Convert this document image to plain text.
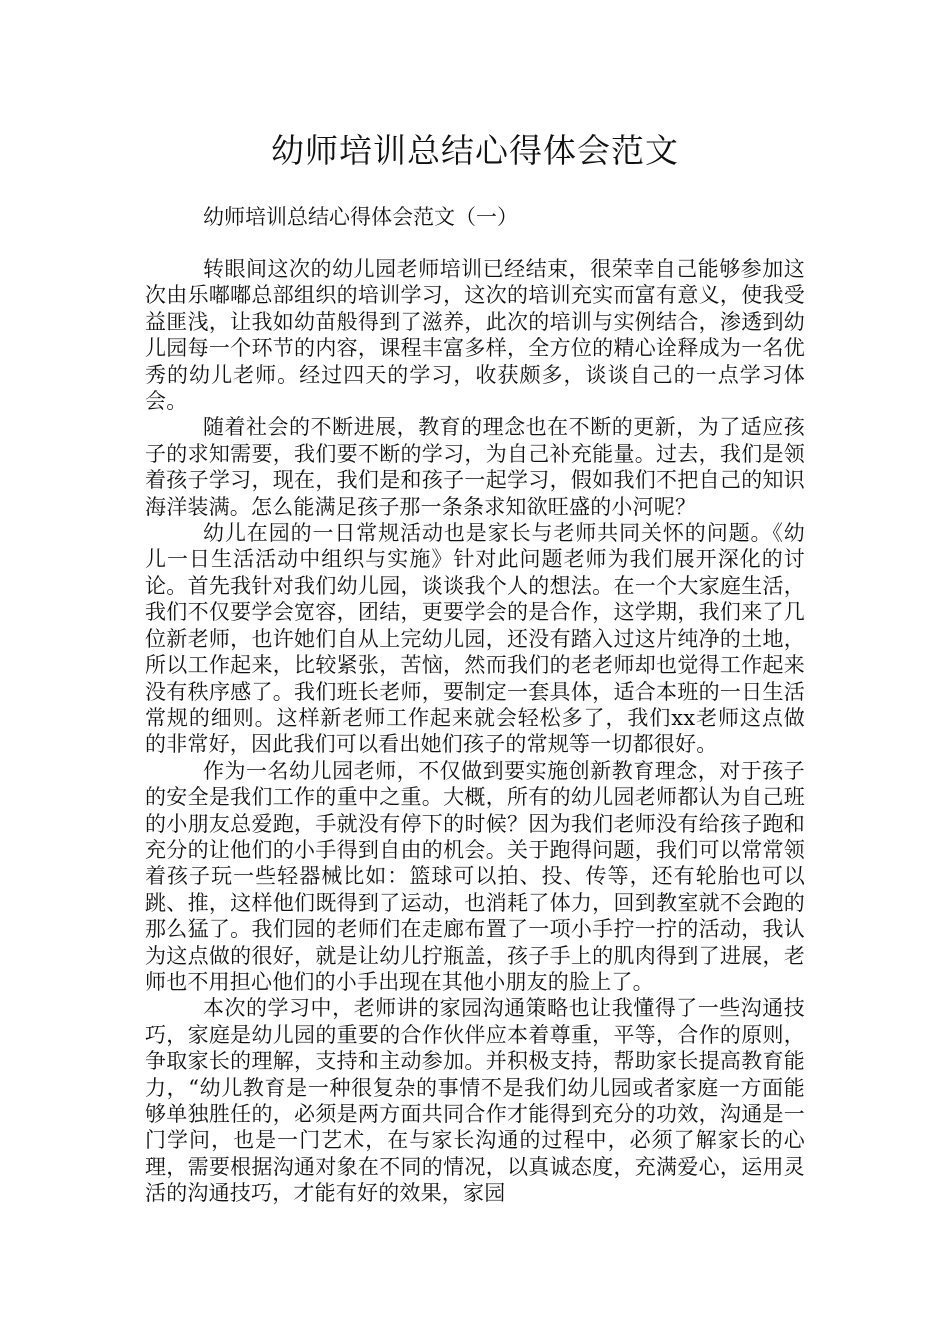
幼师培训总结心得体会范文
幼师培训总结心得体会范文（一）

转眼间这次的幼儿园老师培训已经结束，很荣幸自己能够参加这次由乐嘟嘟总部组织的培训学习，这次的培训充实而富有意义，使我受益匪浅，让我如幼苗般得到了滋养，此次的培训与实例结合，渗透到幼儿园每一个环节的内容，课程丰富多样，全方位的精心诠释成为一名优秀的幼儿老师。经过四天的学习，收获颇多，谈谈自己的一点学习体会。

随着社会的不断进展，教育的理念也在不断的更新，为了适应孩子的求知需要，我们要不断的学习，为自己补充能量。过去，我们是领着孩子学习，现在，我们是和孩子一起学习，假如我们不把自己的知识海洋装满。怎么能满足孩子那一条条求知欲旺盛的小河呢？

幼儿在园的一日常规活动也是家长与老师共同关怀的问题。《幼儿一日生活活动中组织与实施》针对此问题老师为我们展开深化的讨论。首先我针对我们幼儿园，谈谈我个人的想法。在一个大家庭生活，我们不仅要学会宽容，团结，更要学会的是合作，这学期，我们来了几位新老师，也许她们自从上完幼儿园，还没有踏入过这片纯净的土地，所以工作起来，比较紧张，苦恼，然而我们的老老师却也觉得工作起来没有秩序感了。我们班长老师，要制定一套具体，适合本班的一日生活常规的细则。这样新老师工作起来就会轻松多了，我们xx老师这点做的非常好，因此我们可以看出她们孩子的常规等一切都很好。

作为一名幼儿园老师，不仅做到要实施创新教育理念，对于孩子的安全是我们工作的重中之重。大概，所有的幼儿园老师都认为自己班的小朋友总爱跑，手就没有停下的时候？因为我们老师没有给孩子跑和充分的让他们的小手得到自由的机会。关于跑得问题，我们可以常常领着孩子玩一些轻器械比如：篮球可以拍、投、传等，还有轮胎也可以跳、推，这样他们既得到了运动，也消耗了体力，回到教室就不会跑的那么猛了。我们园的老师们在走廊布置了一项小手拧一拧的活动，我认为这点做的很好，就是让幼儿拧瓶盖，孩子手上的肌肉得到了进展，老师也不用担心他们的小手出现在其他小朋友的脸上了。

本次的学习中，老师讲的家园沟通策略也让我懂得了一些沟通技巧，家庭是幼儿园的重要的合作伙伴应本着尊重，平等，合作的原则，争取家长的理解，支持和主动参加。并积极支持，帮助家长提高教育能力，“幼儿教育是一种很复杂的事情不是我们幼儿园或者家庭一方面能够单独胜任的，必须是两方面共同合作才能得到充分的功效，沟通是一门学问，也是一门艺术，在与家长沟通的过程中，必须了解家长的心理，需要根据沟通对象在不同的情况，以真诚态度，充满爱心，运用灵活的沟通技巧，才能有好的效果，家园
